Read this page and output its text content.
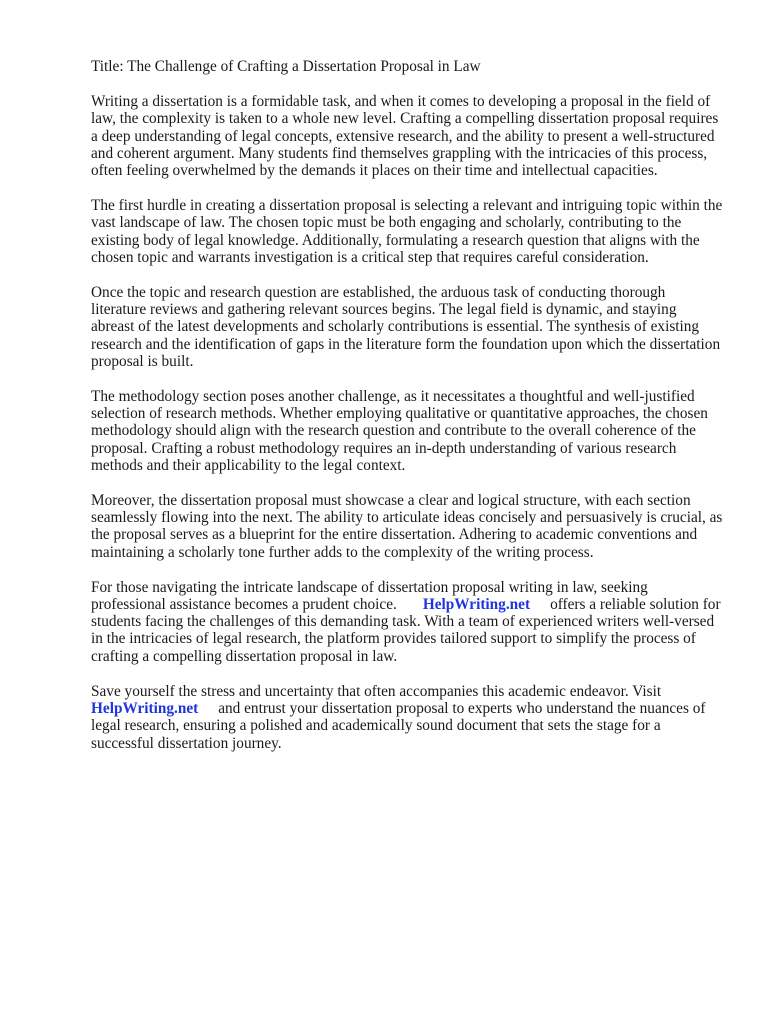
Title: The Challenge of Crafting a Dissertation Proposal in Law

Writing a dissertation is a formidable task, and when it comes to developing a proposal in the field of law, the complexity is taken to a whole new level. Crafting a compelling dissertation proposal requires a deep understanding of legal concepts, extensive research, and the ability to present a well-structured and coherent argument. Many students find themselves grappling with the intricacies of this process, often feeling overwhelmed by the demands it places on their time and intellectual capacities.

The first hurdle in creating a dissertation proposal is selecting a relevant and intriguing topic within the vast landscape of law. The chosen topic must be both engaging and scholarly, contributing to the existing body of legal knowledge. Additionally, formulating a research question that aligns with the chosen topic and warrants investigation is a critical step that requires careful consideration.

Once the topic and research question are established, the arduous task of conducting thorough literature reviews and gathering relevant sources begins. The legal field is dynamic, and staying abreast of the latest developments and scholarly contributions is essential. The synthesis of existing research and the identification of gaps in the literature form the foundation upon which the dissertation proposal is built.

The methodology section poses another challenge, as it necessitates a thoughtful and well-justified selection of research methods. Whether employing qualitative or quantitative approaches, the chosen methodology should align with the research question and contribute to the overall coherence of the proposal. Crafting a robust methodology requires an in-depth understanding of various research methods and their applicability to the legal context.

Moreover, the dissertation proposal must showcase a clear and logical structure, with each section seamlessly flowing into the next. The ability to articulate ideas concisely and persuasively is crucial, as the proposal serves as a blueprint for the entire dissertation. Adhering to academic conventions and maintaining a scholarly tone further adds to the complexity of the writing process.

For those navigating the intricate landscape of dissertation proposal writing in law, seeking professional assistance becomes a prudent choice. HelpWriting.net offers a reliable solution for students facing the challenges of this demanding task. With a team of experienced writers well-versed in the intricacies of legal research, the platform provides tailored support to simplify the process of crafting a compelling dissertation proposal in law.

Save yourself the stress and uncertainty that often accompanies this academic endeavor. Visit HelpWriting.net and entrust your dissertation proposal to experts who understand the nuances of legal research, ensuring a polished and academically sound document that sets the stage for a successful dissertation journey.
